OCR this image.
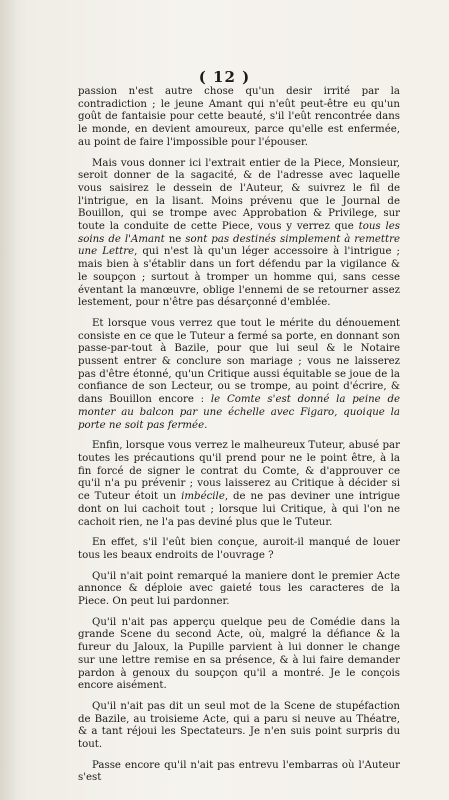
( 12 )

passion n'est autre chose qu'un desir irrité par la contradiction ; le jeune Amant qui n'eût peut-être eu qu'un goût de fantaisie pour cette beauté, s'il l'eût rencontrée dans le monde, en devient amoureux, parce qu'elle est enfermée, au point de faire l'impossible pour l'épouser.

Mais vous donner ici l'extrait entier de la Piece, Monsieur, seroit donner de la sagacité, & de l'adresse avec laquelle vous saisirez le dessein de l'Auteur, & suivrez le fil de l'intrigue, en la lisant. Moins prévenu que le Journal de Bouillon, qui se trompe avec Approbation & Privilege, sur toute la conduite de cette Piece, vous y verrez que tous les soins de l'Amant ne sont pas destinés simplement à remettre une Lettre, qui n'est là qu'un léger accessoire à l'intrigue ; mais bien à s'établir dans un fort défendu par la vigilance & le soupçon ; surtout à tromper un homme qui, sans cesse éventant la manœuvre, oblige l'ennemi de se retourner assez lestement, pour n'être pas désarçonné d'emblée.

Et lorsque vous verrez que tout le mérite du dénouement consiste en ce que le Tuteur a fermé sa porte, en donnant son passe-par-tout à Bazile, pour que lui seul & le Notaire pussent entrer & conclure son mariage ; vous ne laisserez pas d'être étonné, qu'un Critique aussi équitable se joue de la confiance de son Lecteur, ou se trompe, au point d'écrire, & dans Bouillon encore : le Comte s'est donné la peine de monter au balcon par une échelle avec Figaro, quoique la porte ne soit pas fermée.

Enfin, lorsque vous verrez le malheureux Tuteur, abusé par toutes les précautions qu'il prend pour ne le point être, à la fin forcé de signer le contrat du Comte, & d'approuver ce qu'il n'a pu prévenir ; vous laisserez au Critique à décider si ce Tuteur étoit un imbécile, de ne pas deviner une intrigue dont on lui cachoit tout ; lorsque lui Critique, à qui l'on ne cachoit rien, ne l'a pas deviné plus que le Tuteur.

En effet, s'il l'eût bien conçue, auroit-il manqué de louer tous les beaux endroits de l'ouvrage ?

Qu'il n'ait point remarqué la maniere dont le premier Acte annonce & déploie avec gaieté tous les caracteres de la Piece. On peut lui pardonner.

Qu'il n'ait pas apperçu quelque peu de Comédie dans la grande Scene du second Acte, où, malgré la défiance & la fureur du Jaloux, la Pupille parvient à lui donner le change sur une lettre remise en sa présence, & à lui faire demander pardon à genoux du soupçon qu'il a montré. Je le conçois encore aisément.

Qu'il n'ait pas dit un seul mot de la Scene de stupéfaction de Bazile, au troisieme Acte, qui a paru si neuve au Théatre, & a tant réjoui les Spectateurs. Je n'en suis point surpris du tout.

Passe encore qu'il n'ait pas entrevu l'embarras où l'Auteur s'est
